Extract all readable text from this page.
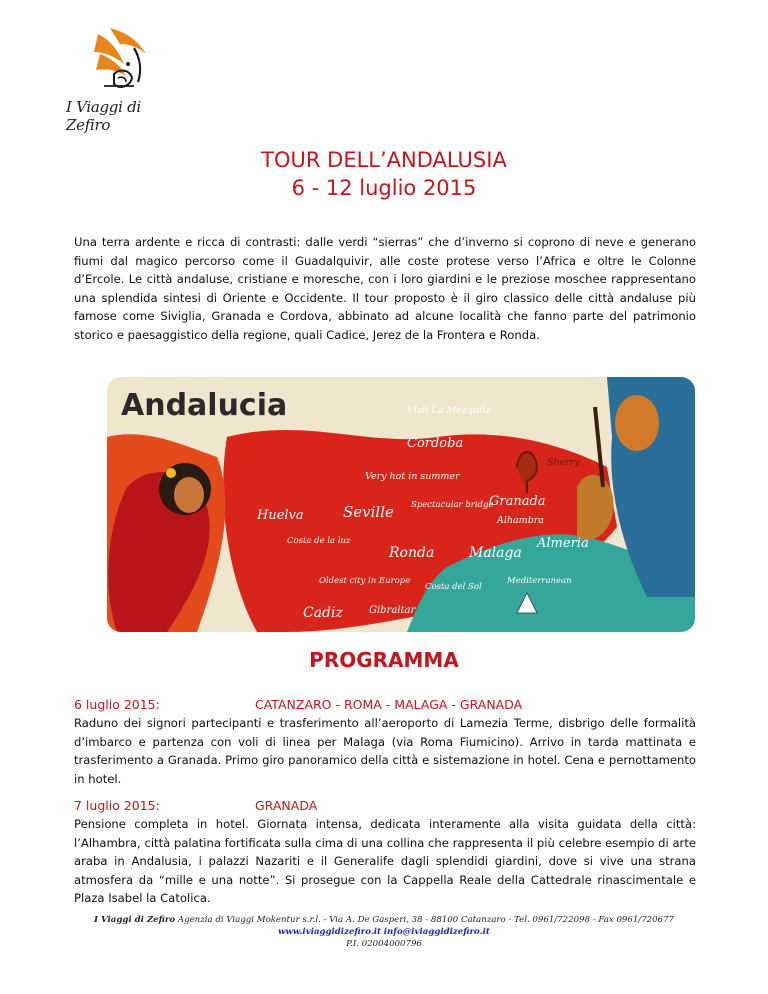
I Viaggi di Zefiro
TOUR DELL’ANDALUSIA
6 - 12 luglio 2015

Una terra ardente e ricca di contrasti: dalle verdi “sierras” che d’inverno si coprono di neve e generano fiumi dal magico percorso come il Guadalquivir, alle coste protese verso l’Africa e oltre le Colonne d’Ercole. Le città andaluse, cristiane e moresche, con i loro giardini e le preziose moschee rappresentano una splendida sintesi di Oriente e Occidente. Il tour proposto è il giro classico delle città andaluse più famose come Siviglia, Granada e Cordova, abbinato ad alcune località che fanno parte del patrimonio storico e paesaggistico della regione, quali Cadice, Jerez de la Frontera e Ronda.

Andalucia	Visit La Mezquita
Cordoba
Sherry
Very hot in summer
Granada
Alhambra
Huelva	Seville Spectacular bridge
Costa de la luz
Ronda Malaga
Almeria
Oldest city in Europe
Costa del Sol
Mediterranean
Cadiz	Gibraltar
PROGRAMMA
6 luglio 2015:	CATANZARO - ROMA - MALAGA - GRANADA

Raduno dei signori partecipanti e trasferimento all’aeroporto di Lamezia Terme, disbrigo delle formalità d’imbarco e partenza con voli di linea per Malaga (via Roma Fiumicino). Arrivo in tarda mattinata e trasferimento a Granada. Primo giro panoramico della città e sistemazione in hotel. Cena e pernottamento in hotel.

7 luglio 2015:	GRANADA

Pensione completa in hotel. Giornata intensa, dedicata interamente alla visita guidata della città: l’Alhambra, città palatina fortificata sulla cima di una collina che rappresenta il più celebre esempio di arte araba in Andalusia, i palazzi Nazariti e il Generalife dagli splendidi giardini, dove si vive una strana atmosfera da “mille e una notte”. Si prosegue con la Cappella Reale della Cattedrale rinascimentale e Plaza Isabel la Catolica.

I Viaggi di Zefiro Agenzia di Viaggi Mokentur s.r.l. - Via A. De Gasperi, 38 - 88100 Catanzaro - Tel. 0961/722098 - Fax 0961/720677
www.iviaggidizefiro.it info@iviaggidizefiro.it
P.I. 02004000796
